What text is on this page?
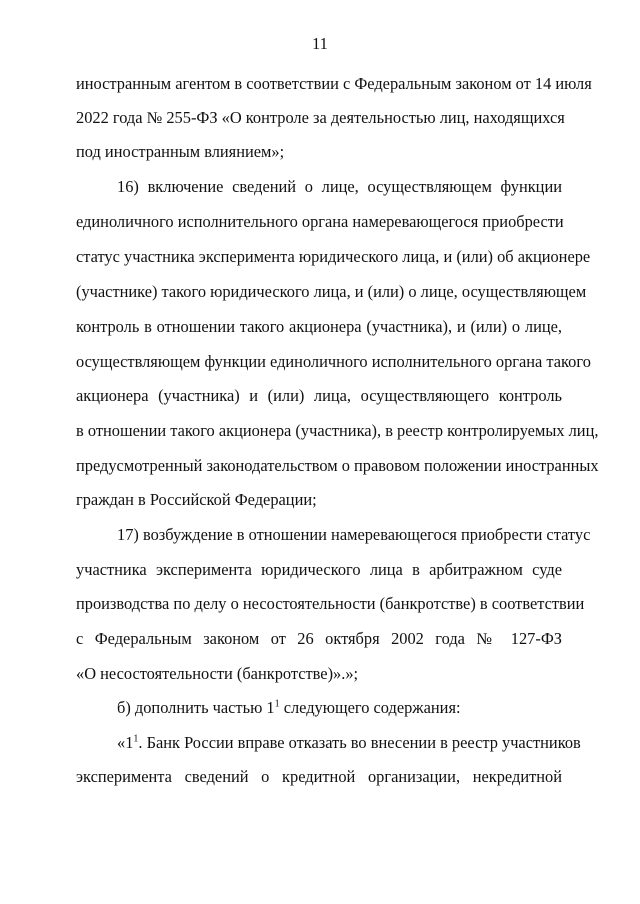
11
иностранным агентом в соответствии с Федеральным законом от 14 июля
2022 года № 255-ФЗ «О контроле за деятельностью лиц, находящихся
под иностранным влиянием»;
16) включение сведений о лице, осуществляющем функции
единоличного исполнительного органа намеревающегося приобрести
статус участника эксперимента юридического лица, и (или) об акционере
(участнике) такого юридического лица, и (или) о лице, осуществляющем
контроль в отношении такого акционера (участника), и (или) о лице,
осуществляющем функции единоличного исполнительного органа такого
акционера (участника) и (или) лица, осуществляющего контроль
в отношении такого акционера (участника), в реестр контролируемых лиц,
предусмотренный законодательством о правовом положении иностранных
граждан в Российской Федерации;
17) возбуждение в отношении намеревающегося приобрести статус
участника эксперимента юридического лица в арбитражном суде
производства по делу о несостоятельности (банкротстве) в соответствии
с Федеральным законом от 26 октября 2002 года № 127-ФЗ
«О несостоятельности (банкротстве)».»;
б) дополнить частью $1^1$ следующего содержания:
«$1^1$. Банк России вправе отказать во внесении в реестр участников
эксперимента сведений о кредитной организации, некредитной
